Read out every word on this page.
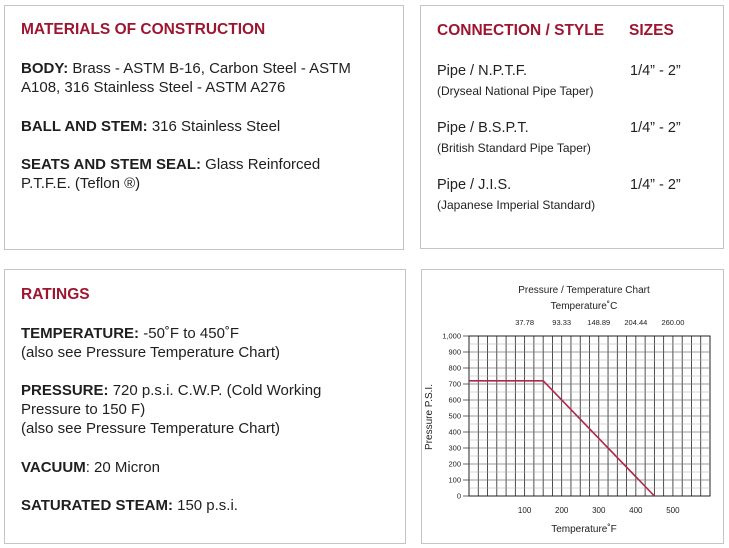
MATERIALS OF CONSTRUCTION
BODY: Brass - ASTM B-16, Carbon Steel - ASTM
A108, 316 Stainless Steel - ASTM A276
BALL AND STEM: 316 Stainless Steel
SEATS AND STEM SEAL: Glass Reinforced
P.T.F.E. (Teflon ®)
CONNECTION / STYLE SIZES
Pipe / N.P.T.F.	1/4” - 2”
(Dryseal National Pipe Taper)
Pipe / B.S.P.T.	1/4” - 2”
(British Standard Pipe Taper)
Pipe / J.I.S.	1/4” - 2”
(Japanese Imperial Standard)
RATINGS
TEMPERATURE: -50˚F to 450˚F
(also see Pressure Temperature Chart)
PRESSURE: 720 p.s.i. C.W.P. (Cold Working
Pressure to 150 F)
(also see Pressure Temperature Chart)
VACUUM: 20 Micron
SATURATED STEAM: 150 p.s.i.
Pressure / Temperature Chart
Temperature˚C
0
100
200
300
400
500
600
700
800
900
1,000
100	200	300	400	500
37.78 93.33 148.89 204.44 260.00
Temperature˚F
Pressure P.S.I.
